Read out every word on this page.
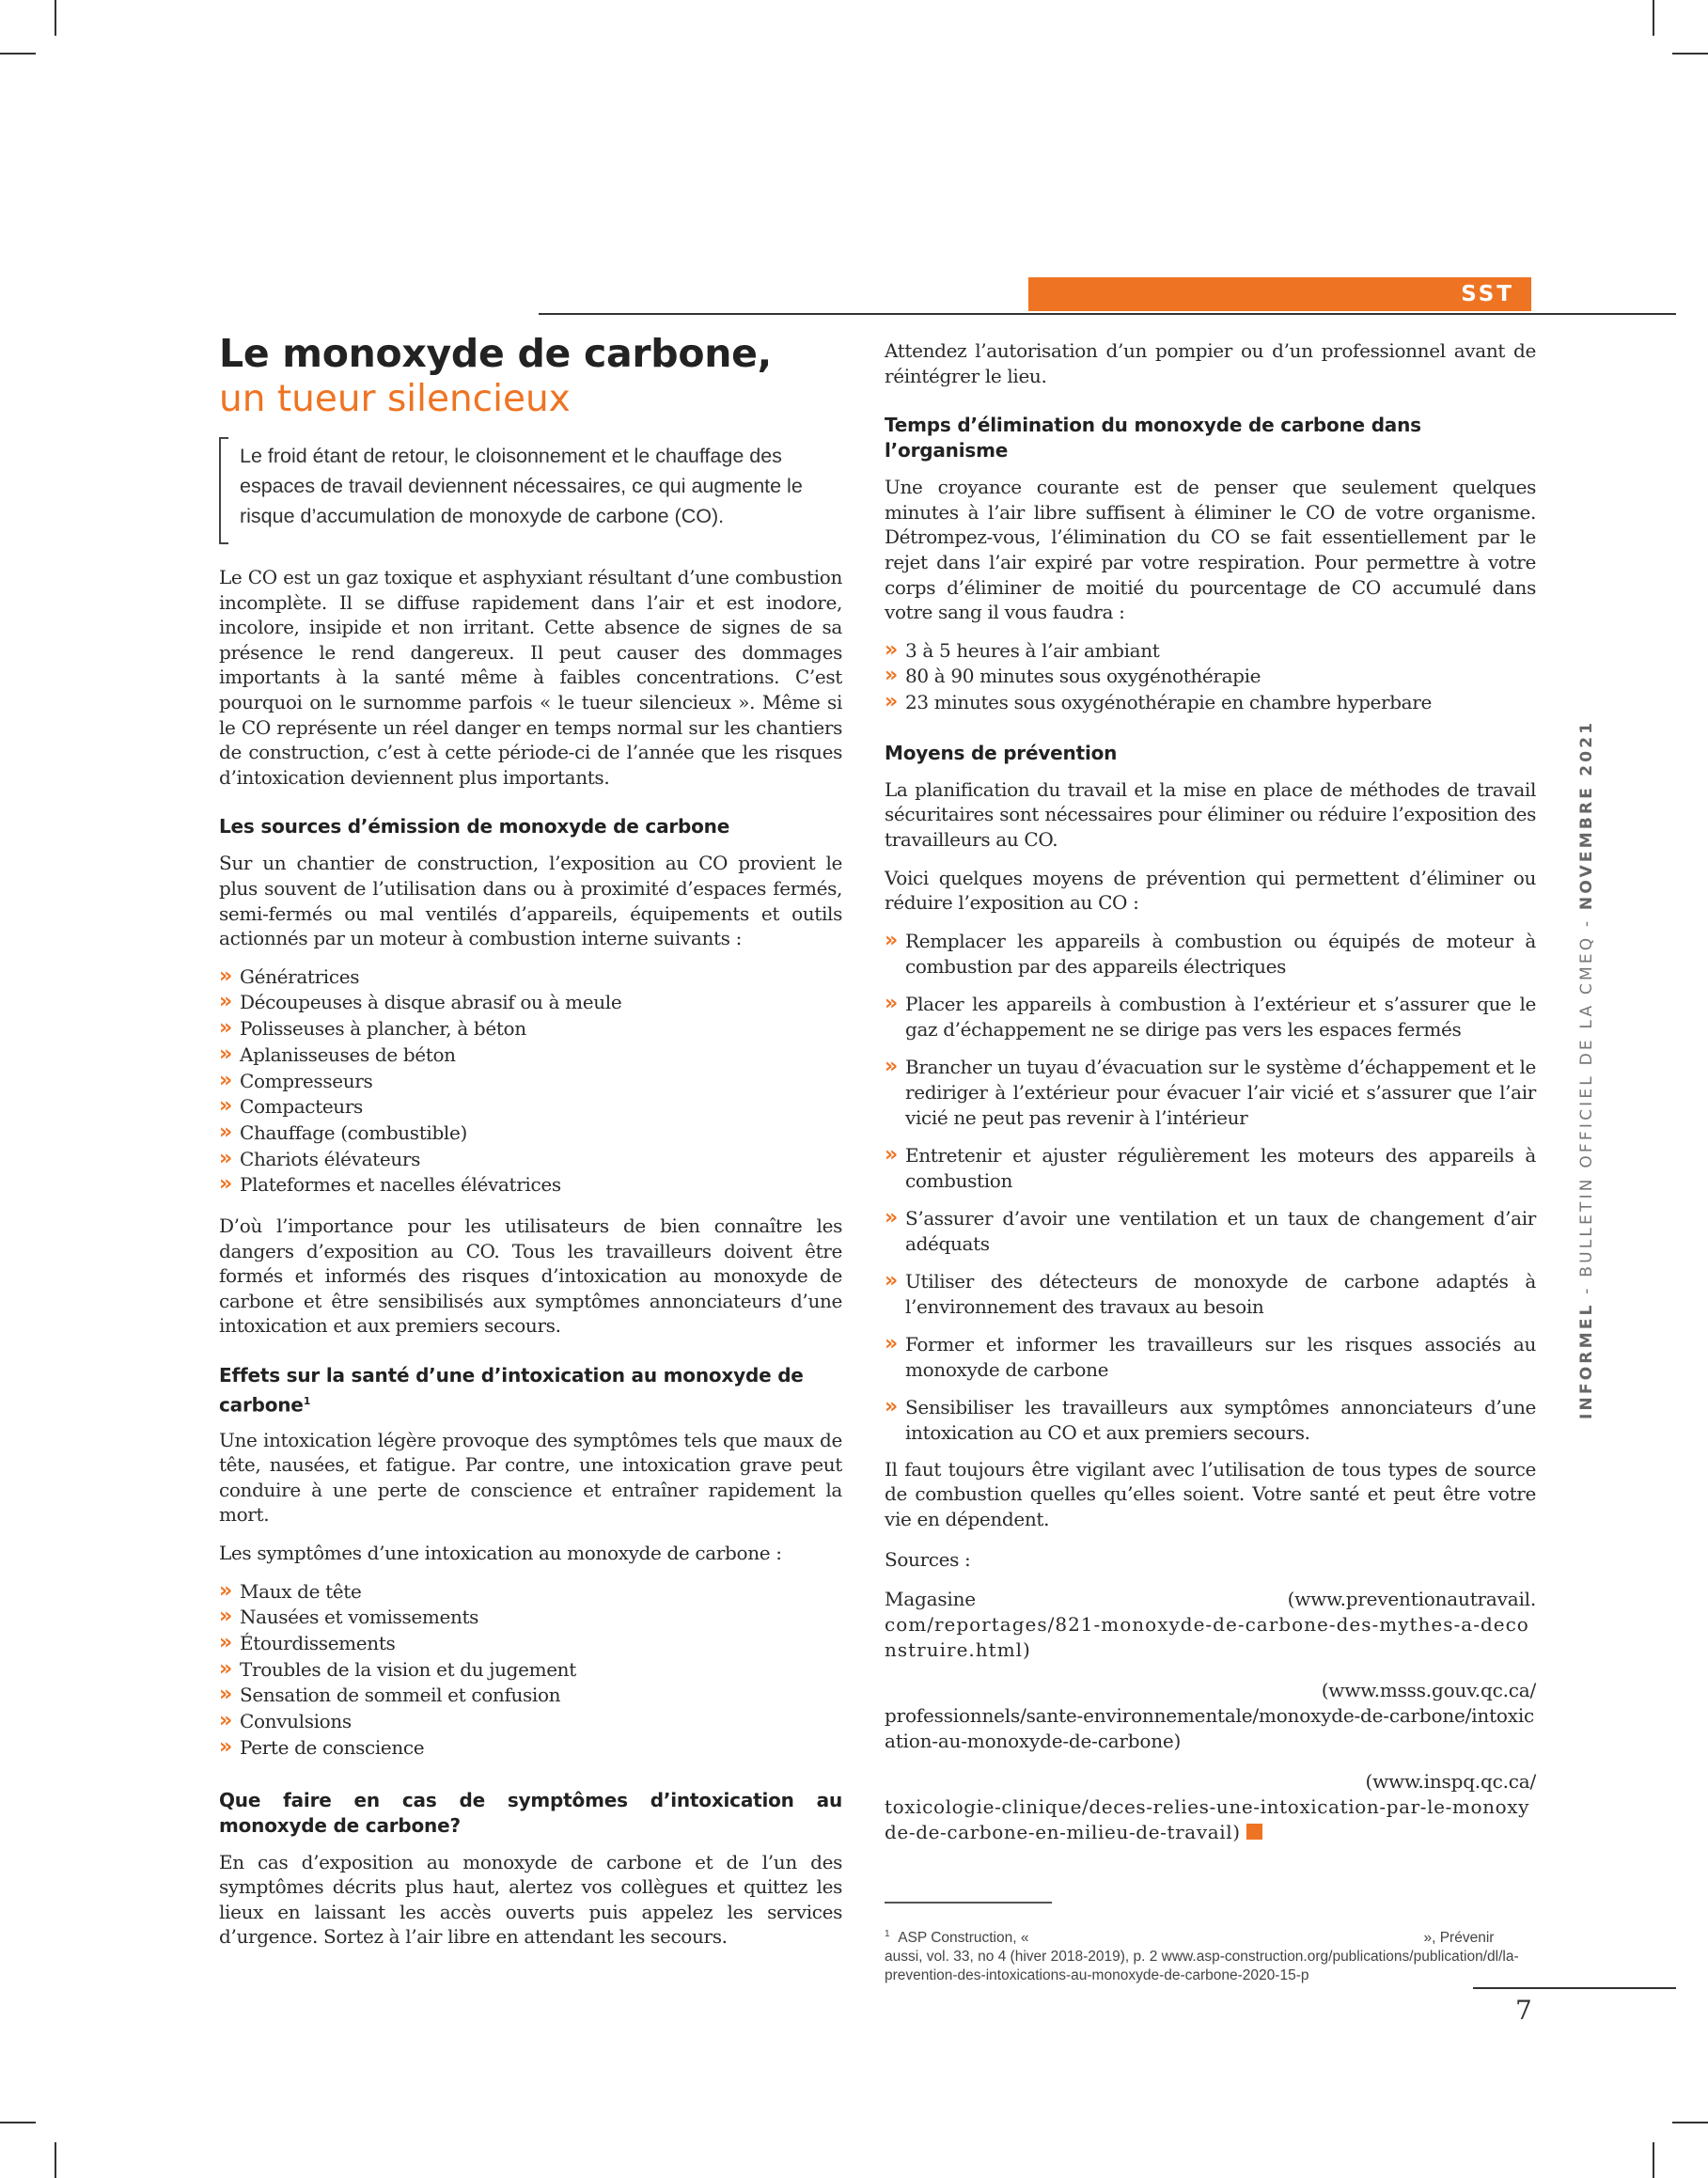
SST
Le monoxyde de carbone,
un tueur silencieux

Le froid étant de retour, le cloisonnement et le chauffage des espaces de travail deviennent nécessaires, ce qui augmente le risque d’accumulation de monoxyde de carbone (CO).

Le CO est un gaz toxique et asphyxiant résultant d’une combustion incomplète. Il se diffuse rapidement dans l’air et est inodore, incolore, insipide et non irritant. Cette absence de signes de sa présence le rend dangereux. Il peut causer des dommages importants à la santé même à faibles concentrations. C’est pourquoi on le surnomme parfois « le tueur silencieux ». Même si le CO représente un réel danger en temps normal sur les chantiers de construction, c’est à cette période-ci de l’année que les risques d’intoxication deviennent plus importants.

Les sources d’émission de monoxyde de carbone

Sur un chantier de construction, l’exposition au CO provient le plus souvent de l’utilisation dans ou à proximité d’espaces fermés, semi-fermés ou mal ventilés d’appareils, équipements et outils actionnés par un moteur à combustion interne suivants :

» Génératrices
» Découpeuses à disque abrasif ou à meule
» Polisseuses à plancher, à béton
» Aplanisseuses de béton
» Compresseurs
» Compacteurs
» Chauffage (combustible)
» Chariots élévateurs
» Plateformes et nacelles élévatrices

D’où l’importance pour les utilisateurs de bien connaître les dangers d’exposition au CO. Tous les travailleurs doivent être formés et informés des risques d’intoxication au monoxyde de carbone et être sensibilisés aux symptômes annonciateurs d’une intoxication et aux premiers secours.

Effets sur la santé d’une d’intoxication au monoxyde de carbone$^1$

Une intoxication légère provoque des symptômes tels que maux de tête, nausées, et fatigue. Par contre, une intoxication grave peut conduire à une perte de conscience et entraîner rapidement la mort.

Les symptômes d’une intoxication au monoxyde de carbone :

» Maux de tête
» Nausées et vomissements
» Étourdissements
» Troubles de la vision et du jugement
» Sensation de sommeil et confusion
» Convulsions
» Perte de conscience

Que faire en cas de symptômes d’intoxication au monoxyde de carbone?

En cas d’exposition au monoxyde de carbone et de l’un des symptômes décrits plus haut, alertez vos collègues et quittez les lieux en laissant les accès ouverts puis appelez les services d’urgence. Sortez à l’air libre en attendant les secours.

Attendez l’autorisation d’un pompier ou d’un professionnel avant de réintégrer le lieu.

Temps d’élimination du monoxyde de carbone dans l’organisme

Une croyance courante est de penser que seulement quelques minutes à l’air libre suffisent à éliminer le CO de votre organisme. Détrompez-vous, l’élimination du CO se fait essentiellement par le rejet dans l’air expiré par votre respiration. Pour permettre à votre corps d’éliminer de moitié du pourcentage de CO accumulé dans votre sang il vous faudra :

» 3 à 5 heures à l’air ambiant
» 80 à 90 minutes sous oxygénothérapie
» 23 minutes sous oxygénothérapie en chambre hyperbare

Moyens de prévention

La planification du travail et la mise en place de méthodes de travail sécuritaires sont nécessaires pour éliminer ou réduire l’exposition des travailleurs au CO.

Voici quelques moyens de prévention qui permettent d’éliminer ou réduire l’exposition au CO :

» Remplacer les appareils à combustion ou équipés de moteur à combustion par des appareils électriques
» Placer les appareils à combustion à l’extérieur et s’assurer que le gaz d’échappement ne se dirige pas vers les espaces fermés
» Brancher un tuyau d’évacuation sur le système d’échappement et le rediriger à l’extérieur pour évacuer l’air vicié et s’assurer que l’air vicié ne peut pas revenir à l’intérieur
» Entretenir et ajuster régulièrement les moteurs des appareils à combustion
» S’assurer d’avoir une ventilation et un taux de changement d’air adéquats
» Utiliser des détecteurs de monoxyde de carbone adaptés à l’environnement des travaux au besoin
» Former et informer les travailleurs sur les risques associés au monoxyde de carbone
» Sensibiliser les travailleurs aux symptômes annonciateurs d’une intoxication au CO et aux premiers secours.

Il faut toujours être vigilant avec l’utilisation de tous types de source de combustion quelles qu’elles soient. Votre santé et peut être votre vie en dépendent.

Sources :

Magasine	(www.preventionautravail.
com/reportages/821-monoxyde-de-carbone-des-mythes-a-deconstruire.html)
(www.msss.gouv.qc.ca/
professionnels/sante-environnementale/monoxyde-de-carbone/intoxication-au-monoxyde-de-carbone)
(www.inspq.qc.ca/
toxicologie-clinique/deces-relies-une-intoxication-par-le-monoxyde-de-carbone-en-milieu-de-travail)
$^1$ ASP Construction, «	», Prévenir aussi, vol. 33, no 4 (hiver 2018-2019), p. 2 www.asp-construction.org/publications/publication/dl/la-prevention-des-intoxications-au-monoxyde-de-carbone-2020-15-p
7
INFORMEL - BULLETIN OFFICIEL DE LA CMEQ - NOVEMBRE 2021
